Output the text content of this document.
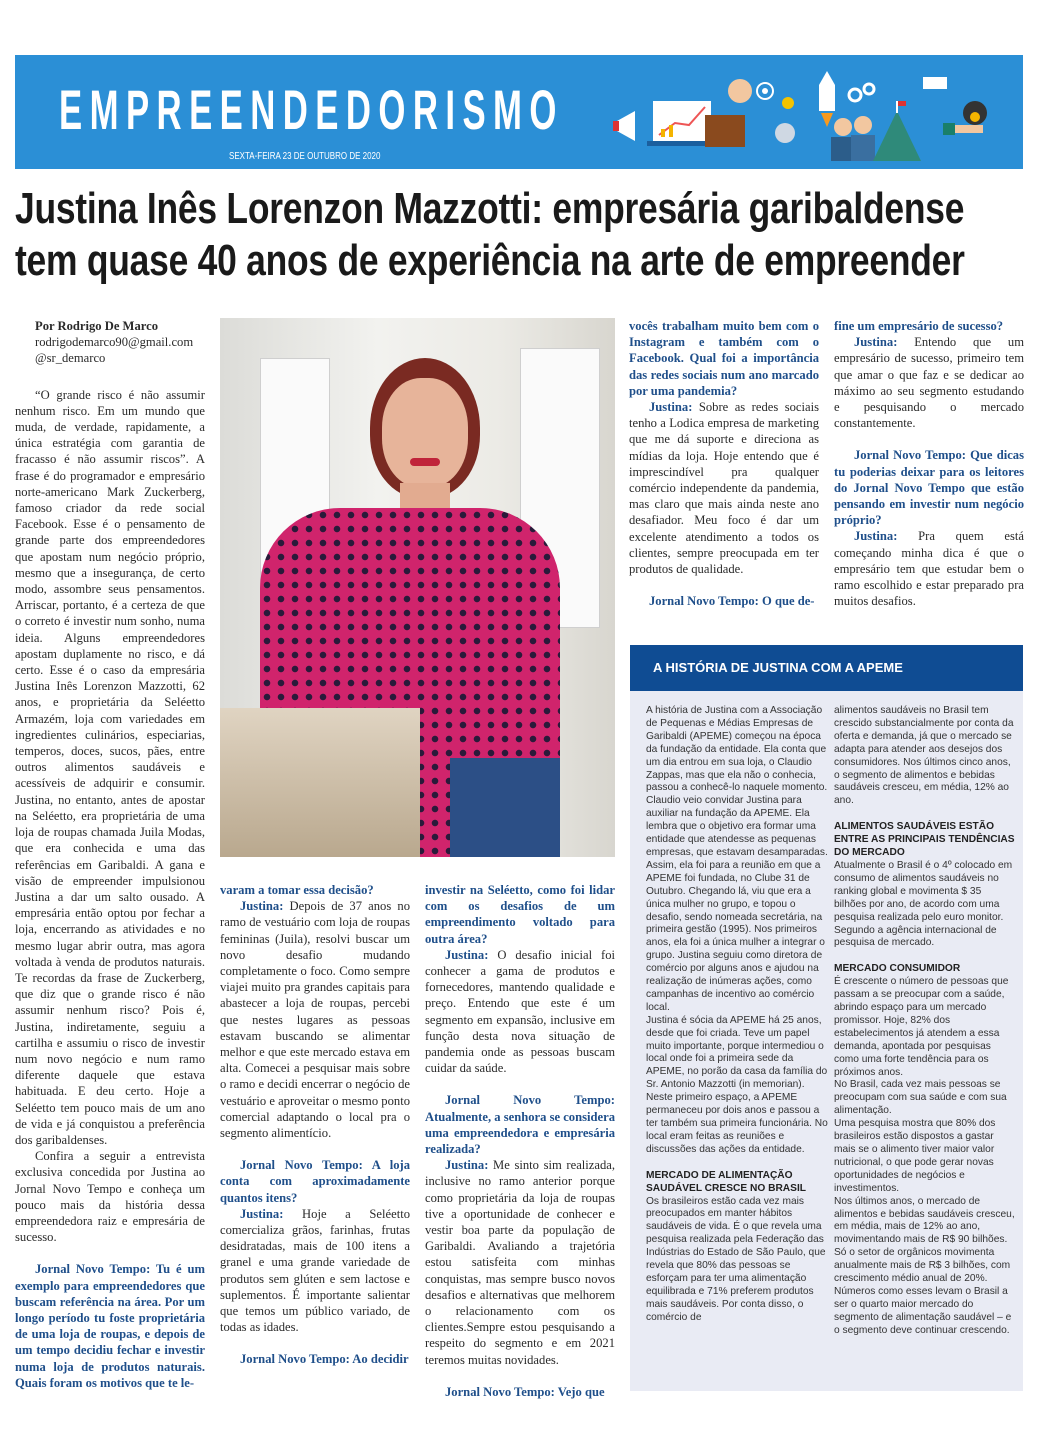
EMPREENDEDORISMO
SEXTA-FEIRA 23 DE OUTUBRO DE 2020
Justina Inês Lorenzon Mazzotti: empresária garibaldense
tem quase 40 anos de experiência na arte de empreender

Por Rodrigo De Marco

rodrigodemarco90@gmail.com

@sr_demarco

“O grande risco é não assumir nenhum risco. Em um mundo que muda, de verdade, rapidamente, a única estratégia com garantia de fracasso é não assumir riscos”. A frase é do programador e empresário norte-americano Mark Zuckerberg, famoso criador da rede social Facebook. Esse é o pensamento de grande parte dos empreendedores que apostam num negócio próprio, mesmo que a insegurança, de certo modo, assombre seus pensamentos. Arriscar, portanto, é a certeza de que o correto é investir num sonho, numa ideia. Alguns empreendedores apostam duplamente no risco, e dá certo. Esse é o caso da empresária Justina Inês Lorenzon Mazzotti, 62 anos, e proprietária da Seléetto Armazém, loja com variedades em ingredientes culinários, especiarias, temperos, doces, sucos, pães, entre outros alimentos saudáveis e acessíveis de adquirir e consumir. Justina, no entanto, antes de apostar na Seléetto, era proprietária de uma loja de roupas chamada Juila Modas, que era conhecida e uma das referências em Garibaldi. A gana e visão de empreender impulsionou Justina a dar um salto ousado. A empresária então optou por fechar a loja, encerrando as atividades e no mesmo lugar abrir outra, mas agora voltada à venda de produtos naturais. Te recordas da frase de Zuckerberg, que diz que o grande risco é não assumir nenhum risco? Pois é, Justina, indiretamente, seguiu a cartilha e assumiu o risco de investir num novo negócio e num ramo diferente daquele que estava habituada. E deu certo. Hoje a Seléetto tem pouco mais de um ano de vida e já conquistou a preferência dos garibaldenses.

Confira a seguir a entrevista exclusiva concedida por Justina ao Jornal Novo Tempo e conheça um pouco mais da história dessa empreendedora raiz e empresária de sucesso.

Jornal Novo Tempo: Tu é um exemplo para empreendedores que buscam referência na área. Por um longo período tu foste proprietária de uma loja de roupas, e depois de um tempo decidiu fechar e investir numa loja de produtos naturais. Quais foram os motivos que te le-

varam a tomar essa decisão?

Justina: Depois de 37 anos no ramo de vestuário com loja de roupas femininas (Juila), resolvi buscar um novo desafio mudando completamente o foco. Como sempre viajei muito pra grandes capitais para abastecer a loja de roupas, percebi que nestes lugares as pessoas estavam buscando se alimentar melhor e que este mercado estava em alta. Comecei a pesquisar mais sobre o ramo e decidi encerrar o negócio de vestuário e aproveitar o mesmo ponto comercial adaptando o local pra o segmento alimentício.

Jornal Novo Tempo: A loja conta com aproximadamente quantos itens?

Justina: Hoje a Seléetto comercializa grãos, farinhas, frutas desidratadas, mais de 100 itens a granel e uma grande variedade de produtos sem glúten e sem lactose e suplementos. É importante salientar que temos um público variado, de todas as idades.

Jornal Novo Tempo: Ao decidir

investir na Seléetto, como foi lidar com os desafios de um empreendimento voltado para outra área?

Justina: O desafio inicial foi conhecer a gama de produtos e fornecedores, mantendo qualidade e preço. Entendo que este é um segmento em expansão, inclusive em função desta nova situação de pandemia onde as pessoas buscam cuidar da saúde.

Jornal Novo Tempo: Atualmente, a senhora se considera uma empreendedora e empresária realizada?

Justina: Me sinto sim realizada, inclusive no ramo anterior porque como proprietária da loja de roupas tive a oportunidade de conhecer e vestir boa parte da população de Garibaldi. Avaliando a trajetória estou satisfeita com minhas conquistas, mas sempre busco novos desafios e alternativas que melhorem o relacionamento com os clientes.Sempre estou pesquisando a respeito do segmento e em 2021 teremos muitas novidades.

Jornal Novo Tempo: Vejo que

vocês trabalham muito bem com o Instagram e também com o Facebook. Qual foi a importância das redes sociais num ano marcado por uma pandemia?

Justina: Sobre as redes sociais tenho a Lodica empresa de marketing que me dá suporte e direciona as mídias da loja. Hoje entendo que é imprescindível pra qualquer comércio independente da pandemia, mas claro que mais ainda neste ano desafiador. Meu foco é dar um excelente atendimento a todos os clientes, sempre preocupada em ter produtos de qualidade.

Jornal Novo Tempo: O que de-

fine um empresário de sucesso?

Justina: Entendo que um empresário de sucesso, primeiro tem que amar o que faz e se dedicar ao máximo ao seu segmento estudando e pesquisando o mercado constantemente.

Jornal Novo Tempo: Que dicas tu poderias deixar para os leitores do Jornal Novo Tempo que estão pensando em investir num negócio próprio?

Justina: Pra quem está começando minha dica é que o empresário tem que estudar bem o ramo escolhido e estar preparado pra muitos desafios.

A HISTÓRIA DE JUSTINA COM A APEME

A história de Justina com a Associação de Pequenas e Médias Empresas de Garibaldi (APEME) começou na época da fundação da entidade. Ela conta que um dia entrou em sua loja, o Claudio Zappas, mas que ela não o conhecia, passou a conhecê-lo naquele momento. Claudio veio convidar Justina para auxiliar na fundação da APEME. Ela lembra que o objetivo era formar uma entidade que atendesse as pequenas empresas, que estavam desamparadas.

Assim, ela foi para a reunião em que a APEME foi fundada, no Clube 31 de Outubro. Chegando lá, viu que era a única mulher no grupo, e topou o desafio, sendo nomeada secretária, na primeira gestão (1995). Nos primeiros anos, ela foi a única mulher a integrar o grupo. Justina seguiu como diretora de comércio por alguns anos e ajudou na realização de inúmeras ações, como campanhas de incentivo ao comércio local.

Justina é sócia da APEME há 25 anos, desde que foi criada. Teve um papel muito importante, porque intermediou o local onde foi a primeira sede da APEME, no porão da casa da família do Sr. Antonio Mazzotti (in memorian). Neste primeiro espaço, a APEME permaneceu por dois anos e passou a ter também sua primeira funcionária. No local eram feitas as reuniões e discussões das ações da entidade.

MERCADO DE ALIMENTAÇÃO SAUDÁVEL CRESCE NO BRASIL

Os brasileiros estão cada vez mais preocupados em manter hábitos saudáveis de vida. É o que revela uma pesquisa realizada pela Federação das Indústrias do Estado de São Paulo, que revela que 80% das pessoas se esforçam para ter uma alimentação equilibrada e 71% preferem produtos mais saudáveis. Por conta disso, o comércio de

alimentos saudáveis no Brasil tem crescido substancialmente por conta da oferta e demanda, já que o mercado se adapta para atender aos desejos dos consumidores. Nos últimos cinco anos, o segmento de alimentos e bebidas saudáveis cresceu, em média, 12% ao ano.

ALIMENTOS SAUDÁVEIS ESTÃO ENTRE AS PRINCIPAIS TENDÊNCIAS DO MERCADO

Atualmente o Brasil é o 4º colocado em consumo de alimentos saudáveis no ranking global e movimenta $ 35 bilhões por ano, de acordo com uma pesquisa realizada pelo euro monitor. Segundo a agência internacional de pesquisa de mercado.

MERCADO CONSUMIDOR

É crescente o número de pessoas que passam a se preocupar com a saúde, abrindo espaço para um mercado promissor. Hoje, 82% dos estabelecimentos já atendem a essa demanda, apontada por pesquisas como uma forte tendência para os próximos anos.

No Brasil, cada vez mais pessoas se preocupam com sua saúde e com sua alimentação.

Uma pesquisa mostra que 80% dos brasileiros estão dispostos a gastar mais se o alimento tiver maior valor nutricional, o que pode gerar novas oportunidades de negócios e investimentos.

Nos últimos anos, o mercado de alimentos e bebidas saudáveis cresceu, em média, mais de 12% ao ano, movimentando mais de R$ 90 bilhões.

Só o setor de orgânicos movimenta anualmente mais de R$ 3 bilhões, com crescimento médio anual de 20%.

Números como esses levam o Brasil a ser o quarto maior mercado do segmento de alimentação saudável – e o segmento deve continuar crescendo.
